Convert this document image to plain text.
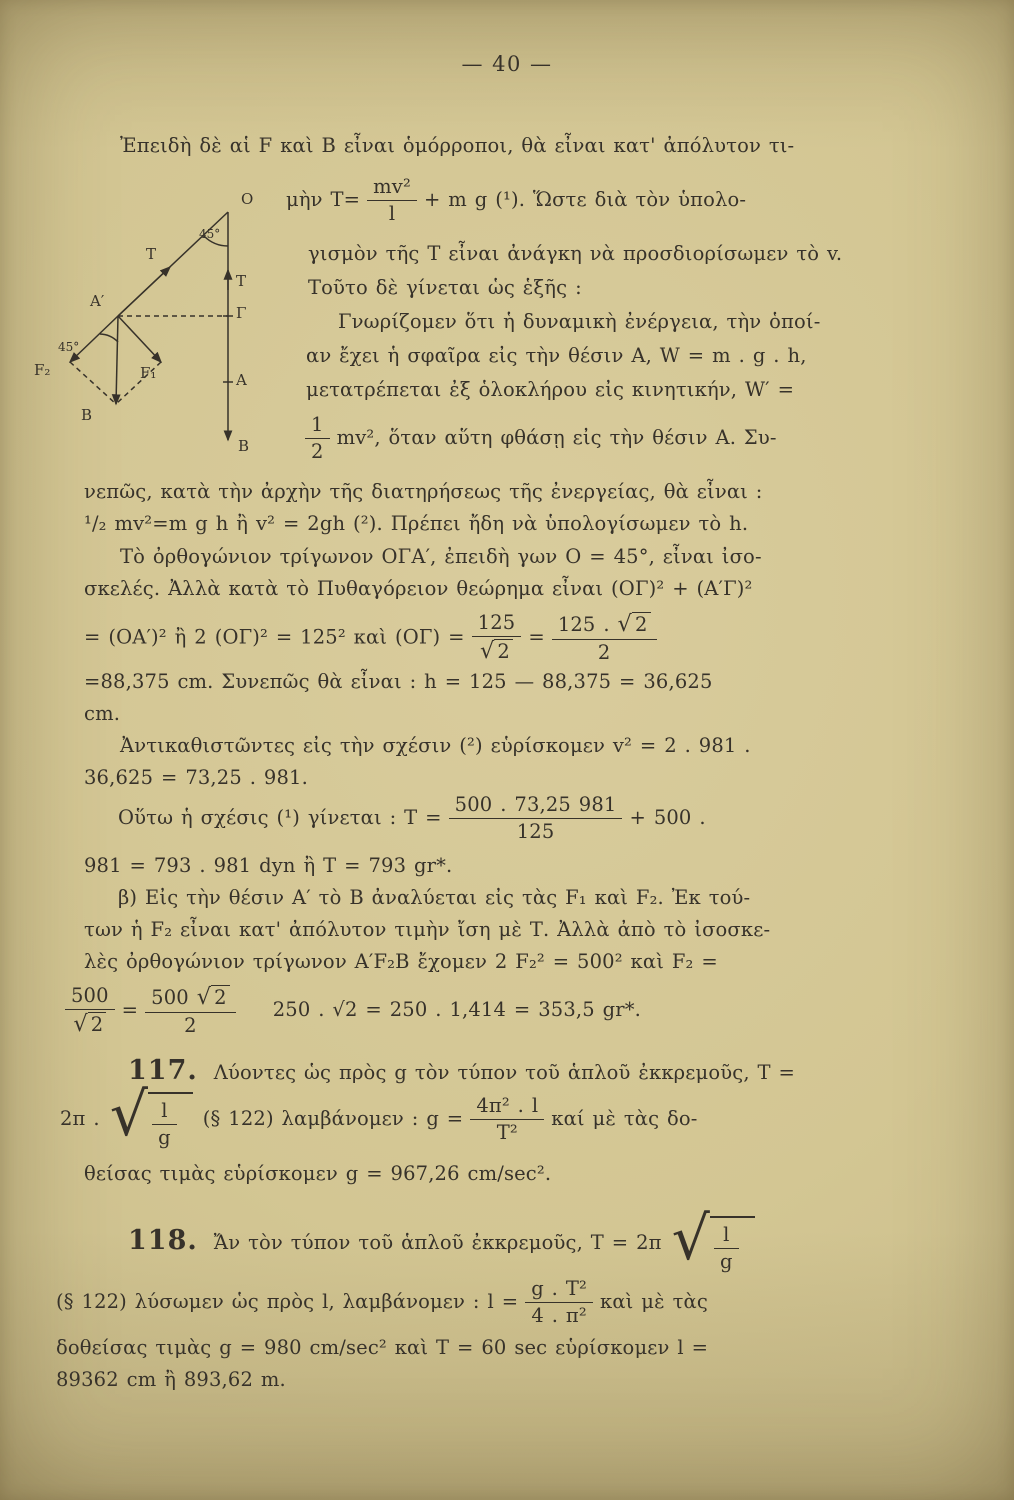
— 40 —
O
45°
T
A′
T
Γ
A
B
F₂	F₁
B
45°
Ἐπειδὴ δὲ αἱ F καὶ Β εἶναι ὁμόρροποι, θὰ εἶναι κατ' ἀπόλυτον τι-
μὴν $T= \frac{\text{mv²}}{l} + m$ g (¹). Ὥστε διὰ τὸν ὑπολο-
γισμὸν τῆς Τ εἶναι ἀνάγκη νὰ προσδιορίσωμεν τὸ v.
Τοῦτο δὲ γίνεται ὡς ἑξῆς :
Γνωρίζομεν ὅτι ἡ δυναμικὴ ἐνέργεια, τὴν ὁποί-
αν ἔχει ἡ σφαῖρα εἰς τὴν θέσιν Α, W = m . g . h,
μετατρέπεται ἐξ ὁλοκλήρου εἰς κινητικήν, W′ =
$\frac{1}{2} mv^2$, ὅταν αὕτη φθάσῃ εἰς τὴν θέσιν Α. Συ-
νεπῶς, κατὰ τὴν ἀρχὴν τῆς διατηρήσεως τῆς ἐνεργείας, θὰ εἶναι :
¹/₂ mv²=m g h ἢ v² = 2gh (²). Πρέπει ἤδη νὰ ὑπολογίσωμεν τὸ h.
Τὸ ὀρθογώνιον τρίγωνον ΟΓΑ′, ἐπειδὴ γων Ο = 45°, εἶναι ἰσο-
σκελές. Ἀλλὰ κατὰ τὸ Πυθαγόρειον θεώρημα εἶναι (ΟΓ)² + (Α′Γ)²
= (ΟΑ′)² ἢ 2 (ΟΓ)² = 125² καὶ $(O\Gamma) = \frac{125}{√ 2} = \frac{125 . √ 2}{2}$
=88,375 cm. Συνεπῶς θὰ εἶναι : h = 125 — 88,375 = 36,625
cm.
Ἀντικαθιστῶντες εἰς τὴν σχέσιν (²) εὑρίσκομεν v² = 2 . 981 .
36,625 = 73,25 . 981.
Οὕτω ἡ σχέσις (¹) γίνεται : $T = \frac{500 . 73,25 981}{125} + 500$ .
981 = 793 . 981 dyn ἢ T = 793 gr*.
β) Εἰς τὴν θέσιν Α′ τὸ Β ἀναλύεται εἰς τὰς F₁ καὶ F₂. Ἐκ τού-
των ἡ F₂ εἶναι κατ' ἀπόλυτον τιμὴν ἴση μὲ Τ. Ἀλλὰ ἀπὸ τὸ ἰσοσκε-
λὲς ὀρθογώνιον τρίγωνον Α′F₂Β ἔχομεν 2 F₂² = 500² καὶ F₂ =
$\frac{500}{√ 2} = \frac{500 √ 2}{2} 250$ . √2 = 250 . 1,414 = 353,5 gr*.
117. Λύοντες ὡς πρὸς g τὸν τύπον τοῦ ἁπλοῦ ἐκκρεμοῦς, T =
2π . √ $\frac{l}{g}$ (§ 122) λαμβάνομεν : $g = \frac{\text{4π² . l}}{\text{T²}}$ καί μὲ τὰς δο-
θείσας τιμὰς εὑρίσκομεν g = 967,26 cm/sec².
118. Ἄν τὸν τύπον τοῦ ἁπλοῦ ἐκκρεμοῦς, T = 2π √ $\frac{l}{g}$
(§ 122) λύσωμεν ὡς πρὸς l, λαμβάνομεν : $l = \frac{\text{g . T²}}{\text{4 . π²}}$ καὶ μὲ τὰς
δοθείσας τιμὰς g = 980 cm/sec² καὶ T = 60 sec εὑρίσκομεν l =
89362 cm ἢ 893,62 m.
